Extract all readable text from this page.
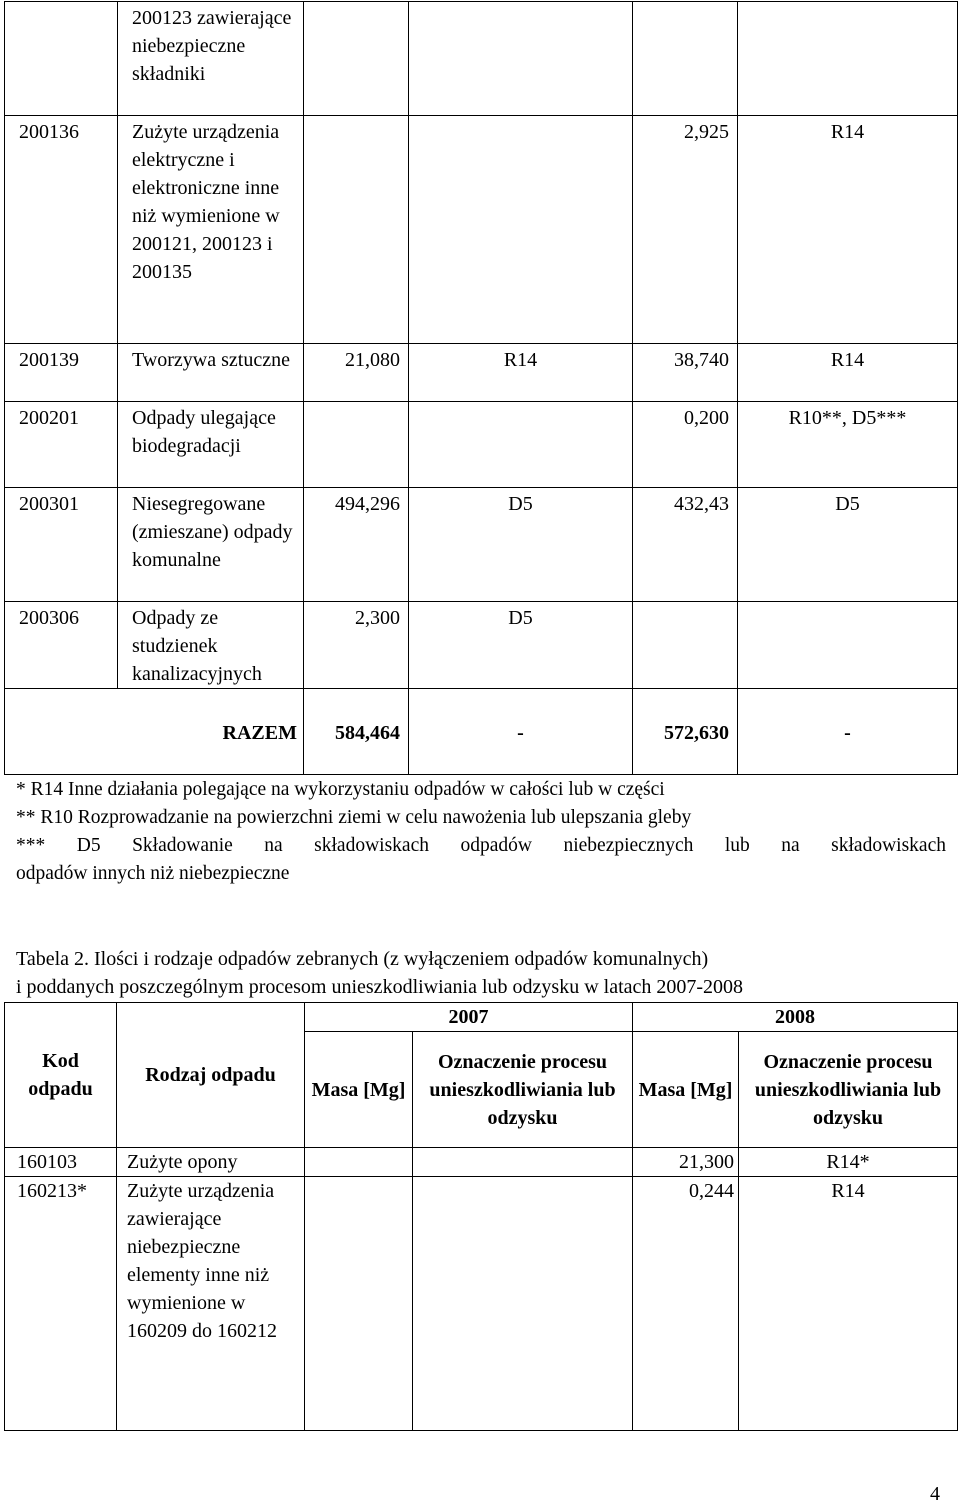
	200123 zawierające niebezpieczne składniki				
200136	Zużyte urządzenia elektryczne i elektroniczne inne niż wymienione w 200121, 200123 i 200135			2,925	R14
200139	Tworzywa sztuczne	21,080	R14	38,740	R14
200201	Odpady ulegające biodegradacji			0,200	R10**, D5***
200301	Niesegregowane (zmieszane) odpady komunalne	494,296	D5	432,43	D5
200306	Odpady ze studzienek kanalizacyjnych	2,300	D5		
RAZEM		584,464	-	572,630	-

* R14 Inne działania polegające na wykorzystaniu odpadów w całości lub w części

** R10 Rozprowadzanie na powierzchni ziemi w celu nawożenia lub ulepszania gleby

*** D5 Składowanie na składowiskach odpadów niebezpiecznych lub na składowiskach

odpadów innych niż niebezpieczne

Tabela 2. Ilości i rodzaje odpadów zebranych (z wyłączeniem odpadów komunalnych)

i poddanych poszczególnym procesom unieszkodliwiania lub odzysku w latach 2007-2008

Kod odpadu	Rodzaj odpadu	2007		2008	
		Masa [Mg]	Oznaczenie procesu unieszkodliwiania lub odzysku	Masa [Mg]	Oznaczenie procesu unieszkodliwiania lub odzysku
160103	Zużyte opony			21,300	R14*
160213*	Zużyte urządzenia zawierające niebezpieczne elementy inne niż wymienione w 160209 do 160212			0,244	R14
4
